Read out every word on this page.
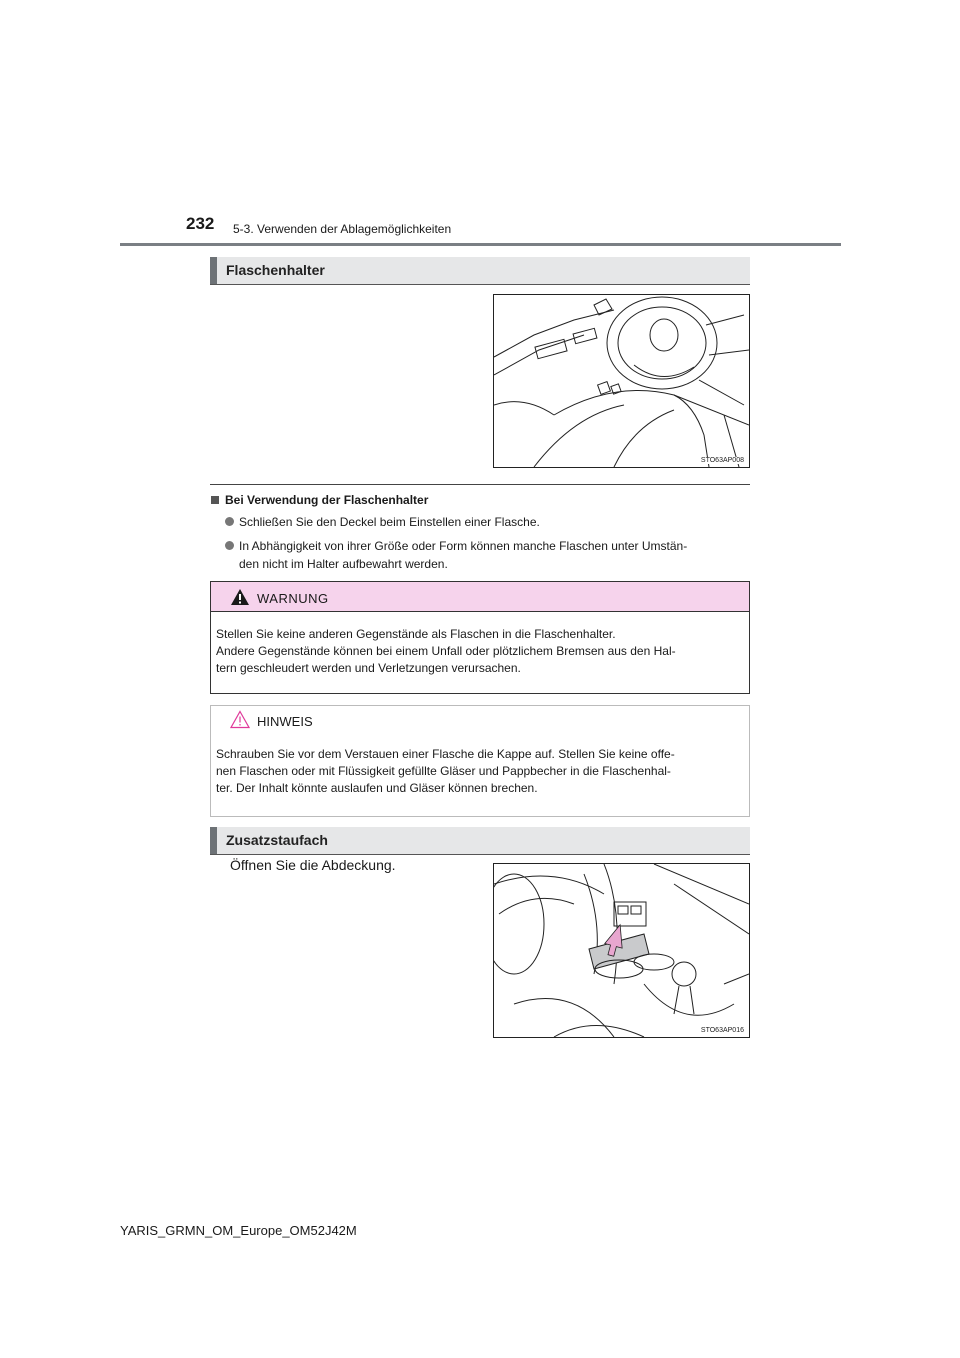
232 5-3. Verwenden der Ablagemöglichkeiten
Flaschenhalter
STO63AP008
Bei Verwendung der Flaschenhalter
Schließen Sie den Deckel beim Einstellen einer Flasche.
In Abhängigkeit von ihrer Größe oder Form können manche Flaschen unter Umstän-
den nicht im Halter aufbewahrt werden.
WARNUNG
Stellen Sie keine anderen Gegenstände als Flaschen in die Flaschenhalter.
Andere Gegenstände können bei einem Unfall oder plötzlichem Bremsen aus den Hal-
tern geschleudert werden und Verletzungen verursachen.
HINWEIS
Schrauben Sie vor dem Verstauen einer Flasche die Kappe auf. Stellen Sie keine offe-
nen Flaschen oder mit Flüssigkeit gefüllte Gläser und Pappbecher in die Flaschenhal-
ter. Der Inhalt könnte auslaufen und Gläser können brechen.
Zusatzstaufach
Öffnen Sie die Abdeckung.
STO63AP016
YARIS_GRMN_OM_Europe_OM52J42M
